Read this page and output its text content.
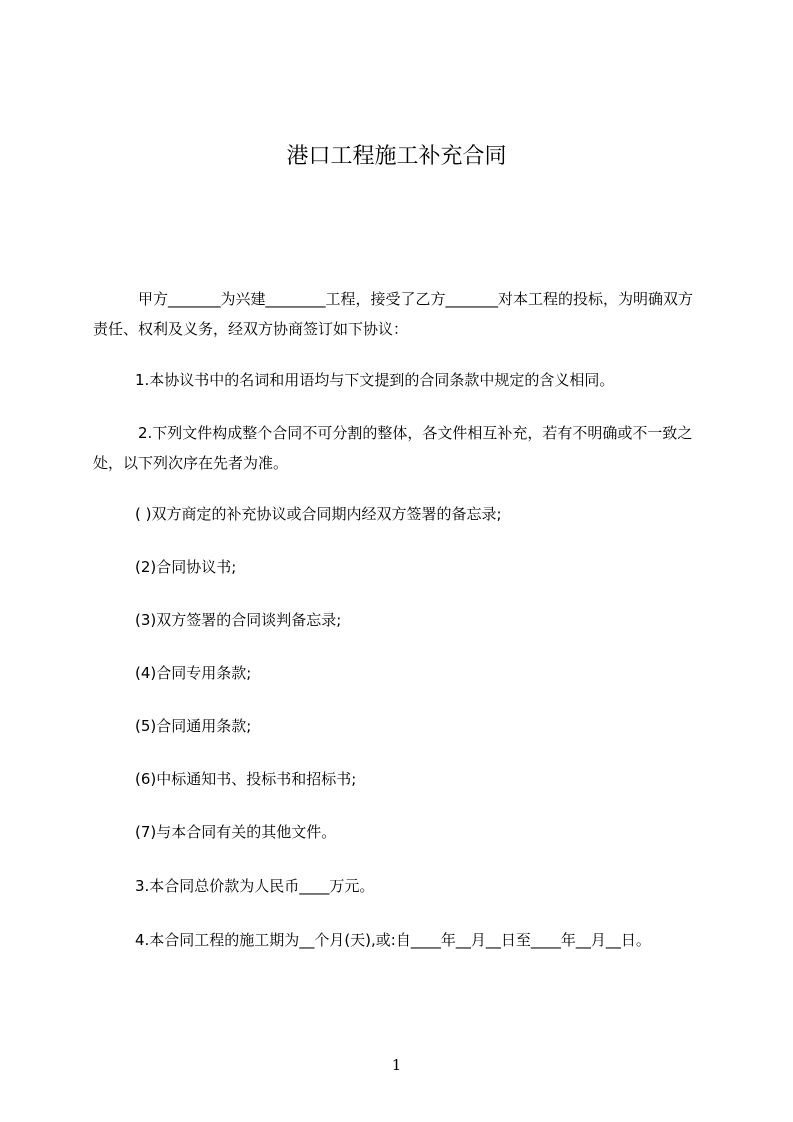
港口工程施工补充合同

甲方_______为兴建________工程，接受了乙方_______对本工程的投标，为明确双方责任、权利及义务，经双方协商签订如下协议：

1.本协议书中的名词和用语均与下文提到的合同条款中规定的含义相同。

2.下列文件构成整个合同不可分割的整体，各文件相互补充，若有不明确或不一致之处，以下列次序在先者为准。

( )双方商定的补充协议或合同期内经双方签署的备忘录;

(2)合同协议书;

(3)双方签署的合同谈判备忘录;

(4)合同专用条款;

(5)合同通用条款;

(6)中标通知书、投标书和招标书;

(7)与本合同有关的其他文件。

3.本合同总价款为人民币____万元。

4.本合同工程的施工期为__个月(天),或:自____年__月__日至____年__月__日。

1
